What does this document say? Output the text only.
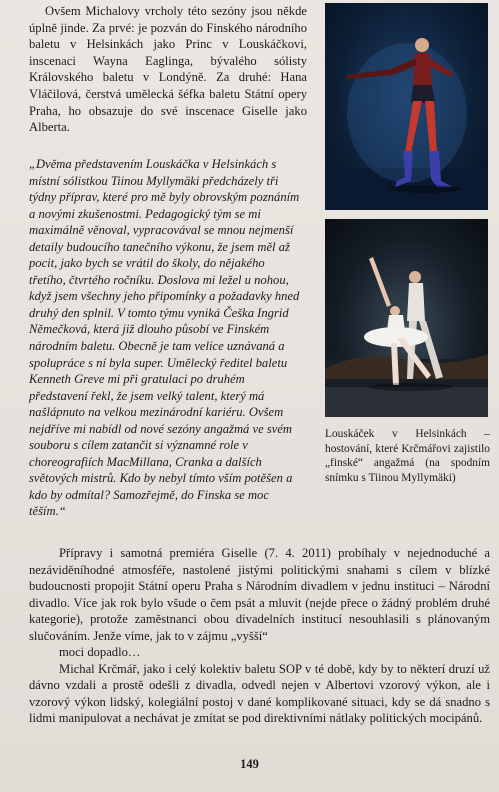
Ovšem Michalovy vrcholy této sezóny jsou někde úplně jinde. Za prvé: je pozván do Finského národního baletu v Helsinkách jako Princ v Louskáčkovi, inscenaci Wayna Eaglinga, bývalého sólisty Královského baletu v Londýně. Za druhé: Hana Vláčilová, čerstvá umělecká šéfka baletu Státní opery Praha, ho obsazuje do své inscenace Giselle jako Alberta.

„Dvěma představením Louskáčka v Helsinkách s místní sólistkou Tiinou Myllymäki předcházely tři týdny příprav, které pro mě byly obrovským poznáním a novými zkušenostmi. Pedagogický tým se mi maximálně věnoval, vypracovával se mnou nejmenší detaily budoucího tanečního výkonu, že jsem měl až pocit, jako bych se vrátil do školy, do nějakého třetího, čtvrtého ročníku. Doslova mi ležel u nohou, když jsem všechny jeho připomínky a požadavky hned druhý den splnil. V tomto týmu vyniká Češka Ingrid Němečková, která již dlouho působí ve Finském národním baletu. Obecně je tam velice uznávaná a spolupráce s ní byla super. Umělecký ředitel baletu Kenneth Greve mi při gratulaci po druhém představení řekl, že jsem velký talent, který má našlápnuto na velkou mezinárodní kariéru. Ovšem nejdříve mi nabídl od nové sezóny angažmá ve svém souboru s cílem zatančit si významné role v choreografiích MacMillana, Cranka a dalších světových mistrů. Kdo by nebyl tímto vším potěšen a kdo by odmítal? Samozřejmě, do Finska se moc těším.“

Louskáček v Helsinkách – hostování, které Krčmářovi zajistilo „finské“ angažmá (na spodním snímku s Tiinou Myllymäki)

Přípravy i samotná premiéra Giselle (7. 4. 2011) probíhaly v nejednoduché a nezáviděníhodné atmosféře, nastolené jistými politickými snahami s cílem v blízké budoucnosti propojit Státní operu Praha s Národním divadlem v jednu instituci – Národní divadlo. Více jak rok bylo všude o čem psát a mluvit (nejde přece o žádný problém druhé kategorie), protože zaměstnanci obou divadelních institucí nesouhlasili s plánovaným slučováním. Jenže víme, jak to v zájmu „vyšší“

moci dopadlo…

Michal Krčmář, jako i celý kolektiv baletu SOP v té době, kdy by to některí druzí už dávno vzdali a prostě odešli z divadla, odvedl nejen v Albertovi vzorový výkon, ale i vzorový výkon lidský, kolegiální postoj v dané komplikované situaci, kdy se dá snadno s lidmi manipulovat a nechávat je zmítat se pod direktivními nátlaky politických mocipánů.

149
